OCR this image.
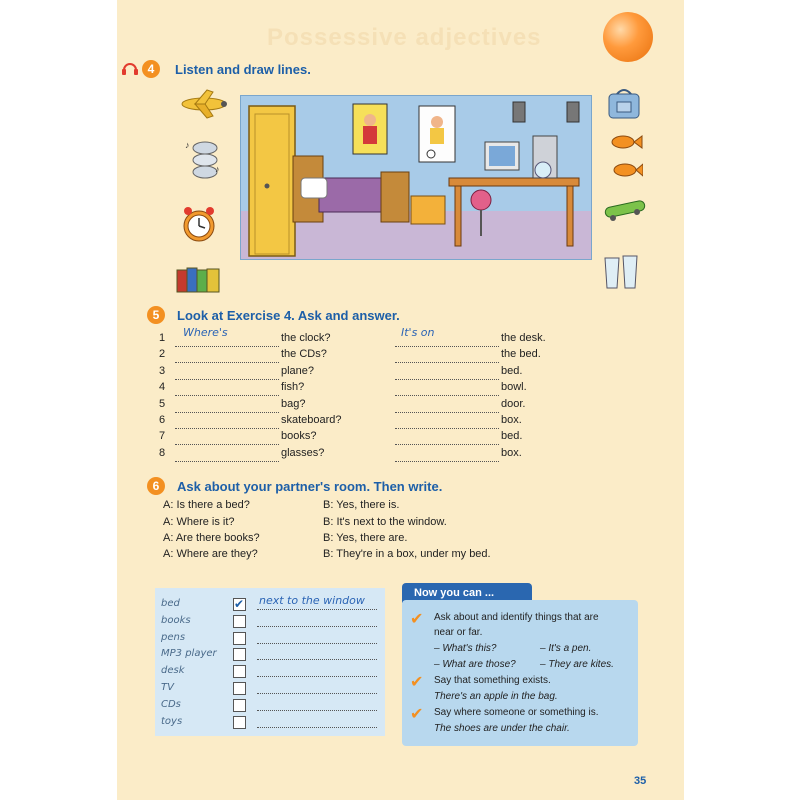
Possessive adjectives
4	Listen and draw lines.
♪
♪
5	Look at Exercise 4. Ask and answer.
1	the clock?	the desk.
Where's	It's on
2	the CDs?	the bed.
3	plane?	bed.
4	fish?	bowl.
5	bag?	door.
6	skateboard?	box.
7	books?	bed.
8	glasses?	box.
6	Ask about your partner's room. Then write.
A: Is there a bed?
A: Where is it?
A: Are there books?
A: Where are they?
B: Yes, there is.
B: It's next to the window.
B: Yes, there are.
B: They're in a box, under my bed.
bed	✔ next to the window
books
pens
MP3 player
desk
TV
CDs
toys
Now you can ...
✔ Ask about and identify things that are
near or far.
– What's this?	– It's a pen.
– What are those? – They are kites.
✔ Say that something exists.
There's an apple in the bag.
✔ Say where someone or something is.
The shoes are under the chair.
35
